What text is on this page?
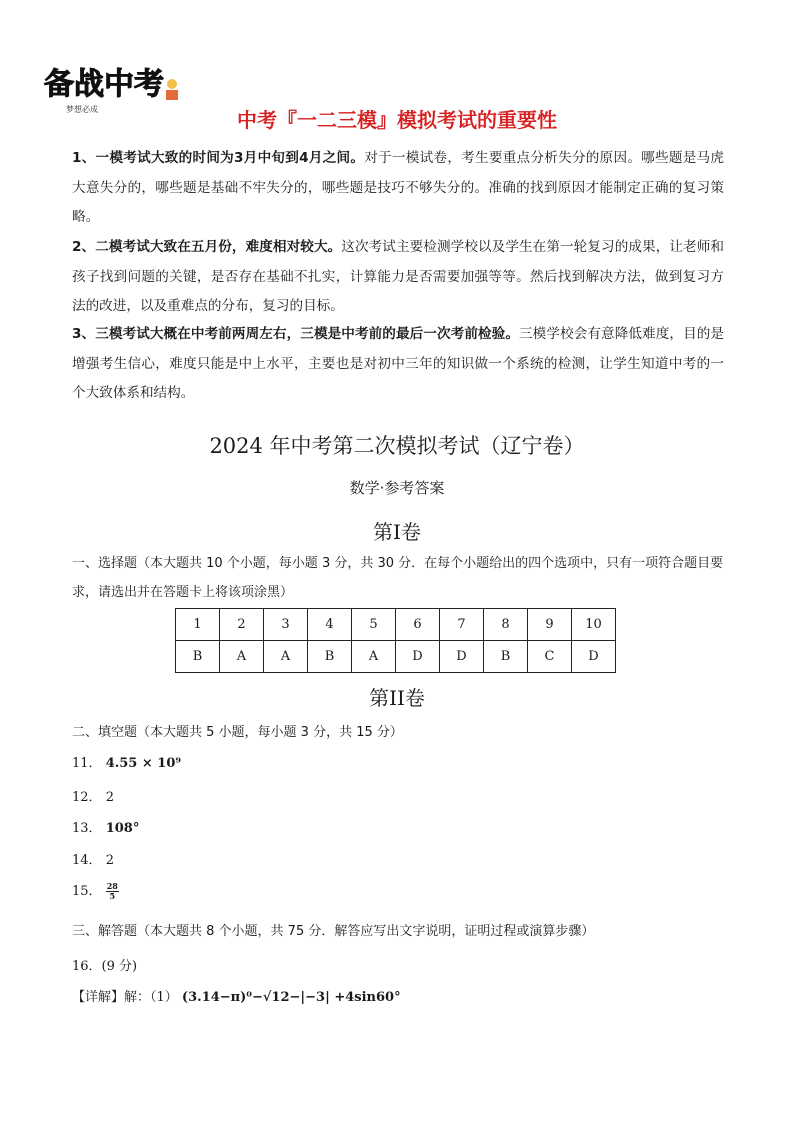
备战中考
梦想必成	中考『一二三模』模拟考试的重要性
1、一模考试大致的时间为3月中旬到4月之间。对于一模试卷，考生要重点分析失分的原因。哪些题是马虎大意失分的，哪些题是基础不牢失分的，哪些题是技巧不够失分的。准确的找到原因才能制定正确的复习策略。
2、二模考试大致在五月份，难度相对较大。这次考试主要检测学校以及学生在第一轮复习的成果，让老师和孩子找到问题的关键，是否存在基础不扎实，计算能力是否需要加强等等。然后找到解决方法，做到复习方法的改进，以及重难点的分布，复习的目标。
3、三模考试大概在中考前两周左右，三模是中考前的最后一次考前检验。三模学校会有意降低难度，目的是增强考生信心，难度只能是中上水平，主要也是对初中三年的知识做一个系统的检测，让学生知道中考的一个大致体系和结构。
2024 年中考第二次模拟考试（辽宁卷）
数学·参考答案
第Ⅰ卷
一、选择题（本大题共 10 个小题，每小题 3 分，共 30 分．在每个小题给出的四个选项中，只有一项符合题目要求，请选出并在答题卡上将该项涂黑）
1	2	3	4	5	6	7	8	9	10
B	A	A	B	A	D	D	B	C	D
第II卷
二、填空题（本大题共 5 小题，每小题 3 分，共 15 分）
11． 4.55 × 10⁹
12． 2
13． 108°
14． 2
15． $\frac{28}{5}$
三、解答题（本大题共 8 个小题，共 75 分．解答应写出文字说明，证明过程或演算步骤）
16．(9 分)
【详解】解：（1） (3.14−π)⁰−√12−|−3| +4sin60°
